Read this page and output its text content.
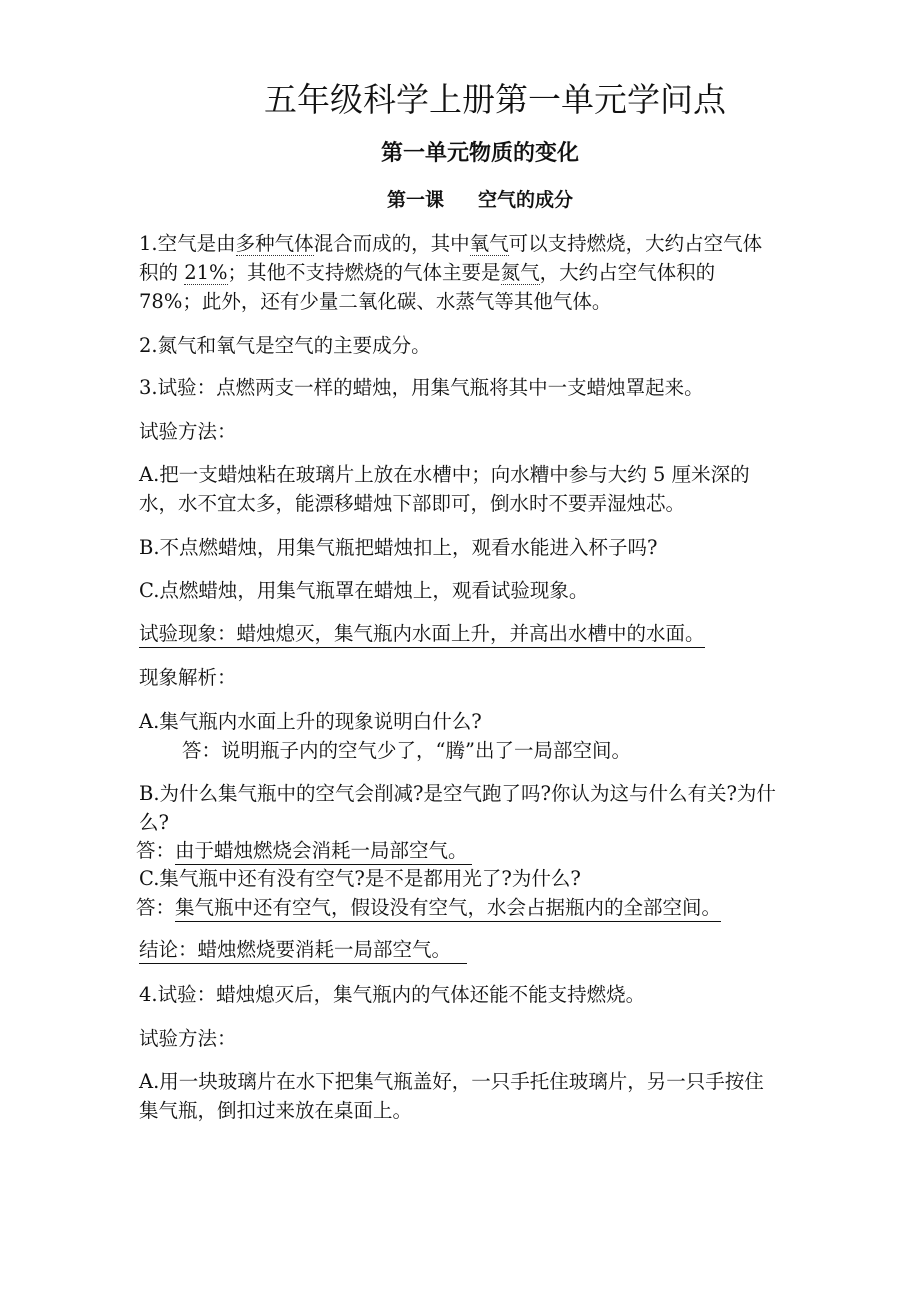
五年级科学上册第一单元学问点
第一单元物质的变化
第一课 空气的成分

1.空气是由多种气体混合而成的，其中氧气可以支持燃烧，大约占空气体积的 21%；其他不支持燃烧的气体主要是氮气，大约占空气体积的 78%；此外，还有少量二氧化碳、水蒸气等其他气体。

2.氮气和氧气是空气的主要成分。

3.试验：点燃两支一样的蜡烛，用集气瓶将其中一支蜡烛罩起来。

试验方法：

A.把一支蜡烛粘在玻璃片上放在水槽中；向水糟中参与大约 5 厘米深的水，水不宜太多，能漂移蜡烛下部即可，倒水时不要弄湿烛芯。

B.不点燃蜡烛，用集气瓶把蜡烛扣上，观看水能进入杯子吗?

C.点燃蜡烛，用集气瓶罩在蜡烛上，观看试验现象。

试验现象：蜡烛熄灭，集气瓶内水面上升，并高出水槽中的水面。

现象解析：

A.集气瓶内水面上升的现象说明白什么?

答：说明瓶子内的空气少了，“腾”出了一局部空间。

B.为什么集气瓶中的空气会削减?是空气跑了吗?你认为这与什么有关?为什么?

答：由于蜡烛燃烧会消耗一局部空气。

C.集气瓶中还有没有空气?是不是都用光了?为什么?

答：集气瓶中还有空气，假设没有空气，水会占据瓶内的全部空间。

结论：蜡烛燃烧要消耗一局部空气。

4.试验：蜡烛熄灭后，集气瓶内的气体还能不能支持燃烧。

试验方法：

A.用一块玻璃片在水下把集气瓶盖好，一只手托住玻璃片，另一只手按住集气瓶，倒扣过来放在桌面上。
